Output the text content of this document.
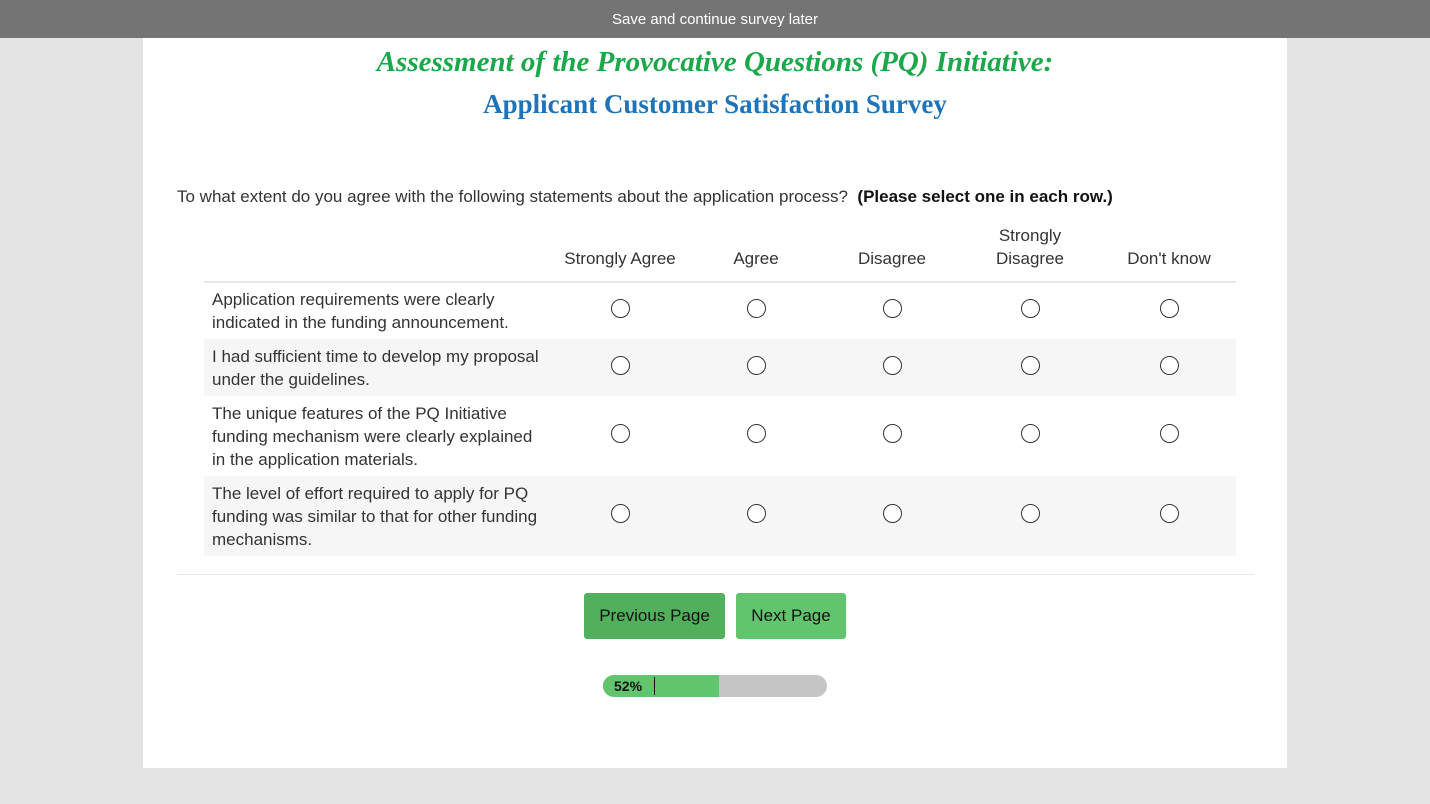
Save and continue survey later
Assessment of the Provocative Questions (PQ) Initiative:
Applicant Customer Satisfaction Survey
To what extent do you agree with the following statements about the application process? (Please select one in each row.)
	Strongly Agree	Agree	Disagree	Strongly Disagree	Don't know
Application requirements were clearly indicated in the funding announcement.					
I had sufficient time to develop my proposal under the guidelines.					
The unique features of the PQ Initiative funding mechanism were clearly explained in the application materials.					
The level of effort required to apply for PQ funding was similar to that for other funding mechanisms.					
Previous Page	Next Page
52%
